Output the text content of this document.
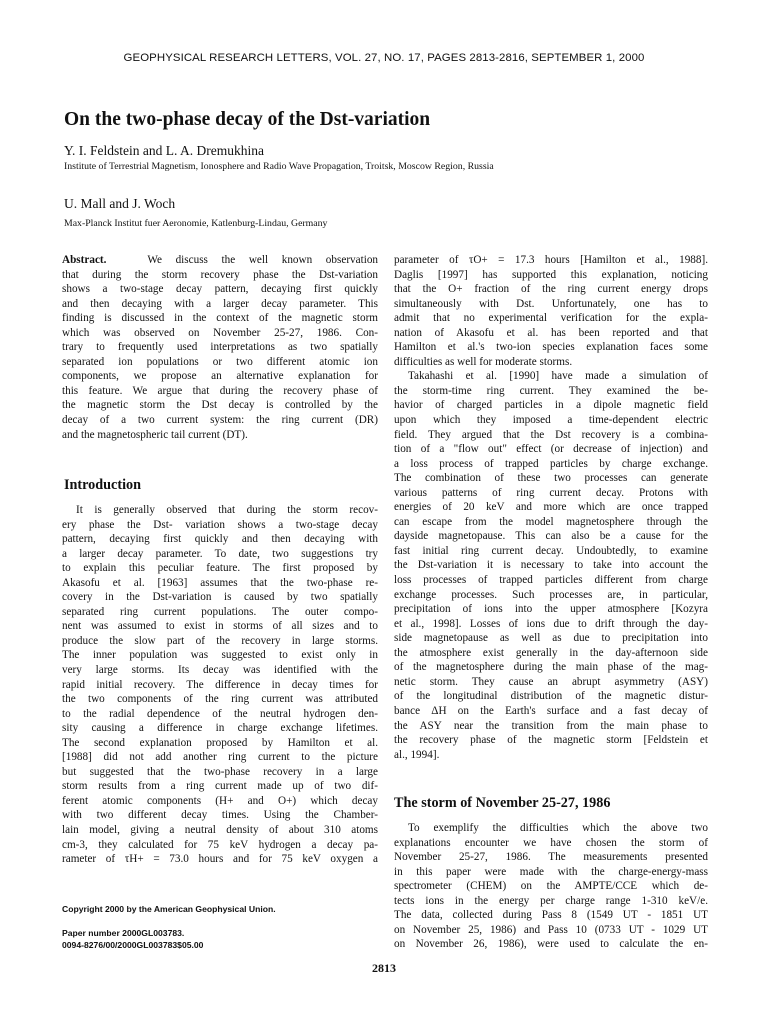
GEOPHYSICAL RESEARCH LETTERS, VOL. 27, NO. 17, PAGES 2813-2816, SEPTEMBER 1, 2000
On the two-phase decay of the Dst-variation

Y. I. Feldstein and L. A. Dremukhina

Institute of Terrestrial Magnetism, Ionosphere and Radio Wave Propagation, Troitsk, Moscow Region, Russia

U. Mall and J. Woch

Max-Planck Institut fuer Aeronomie, Katlenburg-Lindau, Germany

Abstract.	We discuss the well known observation
that during the storm recovery phase the Dst-variation
shows a two-stage decay pattern, decaying first quickly
and then decaying with a larger decay parameter. This
finding is discussed in the context of the magnetic storm
which was observed on November 25-27, 1986. Con-
trary to frequently used interpretations as two spatially
separated ion populations or two different atomic ion
components, we propose an alternative explanation for
this feature. We argue that during the recovery phase of
the magnetic storm the Dst decay is controlled by the
decay of a two current system: the ring current (DR)
and the magnetospheric tail current (DT).
Introduction
It is generally observed that during the storm recov-
ery phase the Dst- variation shows a two-stage decay
pattern, decaying first quickly and then decaying with
a larger decay parameter. To date, two suggestions try
to explain this peculiar feature. The first proposed by
Akasofu et al. [1963] assumes that the two-phase re-
covery in the Dst-variation is caused by two spatially
separated ring current populations. The outer compo-
nent was assumed to exist in storms of all sizes and to
produce the slow part of the recovery in large storms.
The inner population was suggested to exist only in
very large storms. Its decay was identified with the
rapid initial recovery. The difference in decay times for
the two components of the ring current was attributed
to the radial dependence of the neutral hydrogen den-
sity causing a difference in charge exchange lifetimes.
The second explanation proposed by Hamilton et al.
[1988] did not add another ring current to the picture
but suggested that the two-phase recovery in a large
storm results from a ring current made up of two dif-
ferent atomic components (H+ and O+) which decay
with two different decay times. Using the Chamber-
lain model, giving a neutral density of about 310 atoms
cm-3, they calculated for 75 keV hydrogen a decay pa-
rameter of τH+ = 73.0 hours and for 75 keV oxygen a
Copyright 2000 by the American Geophysical Union.
Paper number 2000GL003783.
0094-8276/00/2000GL003783$05.00
parameter of τO+ = 17.3 hours [Hamilton et al., 1988].
Daglis [1997] has supported this explanation, noticing
that the O+ fraction of the ring current energy drops
simultaneously with Dst. Unfortunately, one has to
admit that no experimental verification for the expla-
nation of Akasofu et al. has been reported and that
Hamilton et al.'s two-ion species explanation faces some
difficulties as well for moderate storms.
Takahashi et al. [1990] have made a simulation of
the storm-time ring current. They examined the be-
havior of charged particles in a dipole magnetic field
upon which they imposed a time-dependent electric
field. They argued that the Dst recovery is a combina-
tion of a "flow out" effect (or decrease of injection) and
a loss process of trapped particles by charge exchange.
The combination of these two processes can generate
various patterns of ring current decay. Protons with
energies of 20 keV and more which are once trapped
can escape from the model magnetosphere through the
dayside magnetopause. This can also be a cause for the
fast initial ring current decay. Undoubtedly, to examine
the Dst-variation it is necessary to take into account the
loss processes of trapped particles different from charge
exchange processes. Such processes are, in particular,
precipitation of ions into the upper atmosphere [Kozyra
et al., 1998]. Losses of ions due to drift through the day-
side magnetopause as well as due to precipitation into
the atmosphere exist generally in the day-afternoon side
of the magnetosphere during the main phase of the mag-
netic storm. They cause an abrupt asymmetry (ASY)
of the longitudinal distribution of the magnetic distur-
bance ΔH on the Earth's surface and a fast decay of
the ASY near the transition from the main phase to
the recovery phase of the magnetic storm [Feldstein et
al., 1994].
The storm of November 25-27, 1986
To exemplify the difficulties which the above two
explanations encounter we have chosen the storm of
November 25-27, 1986. The measurements presented
in this paper were made with the charge-energy-mass
spectrometer (CHEM) on the AMPTE/CCE which de-
tects ions in the energy per charge range 1-310 keV/e.
The data, collected during Pass 8 (1549 UT - 1851 UT
on November 25, 1986) and Pass 10 (0733 UT - 1029 UT
on November 26, 1986), were used to calculate the en-
2813
